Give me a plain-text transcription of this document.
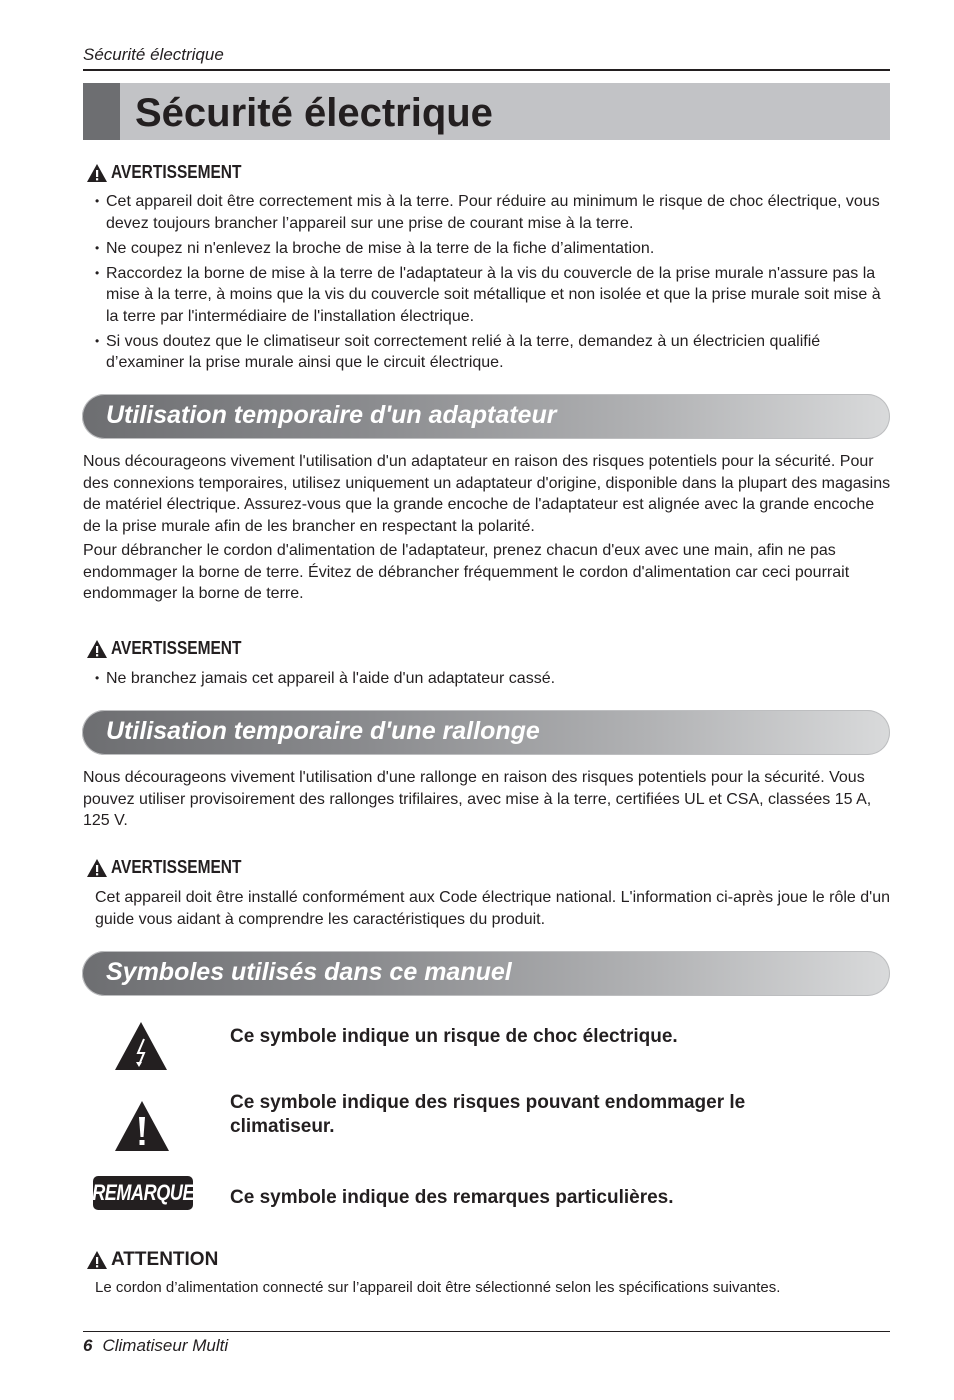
Sécurité électrique
Sécurité électrique
AVERTISSEMENT
• Cet appareil doit être correctement mis à la terre. Pour réduire au minimum le risque de choc électrique, vous devez toujours brancher l’appareil sur une prise de courant mise à la terre.
• Ne coupez ni n'enlevez la broche de mise à la terre de la fiche d’alimentation.
• Raccordez la borne de mise à la terre de l'adaptateur à la vis du couvercle de la prise murale n'assure pas la mise à la terre, à moins que la vis du couvercle soit métallique et non isolée et que la prise murale soit mise à la terre par l'intermédiaire de l'installation électrique.
• Si vous doutez que le climatiseur soit correctement relié à la terre, demandez à un électricien qualifié d’examiner la prise murale ainsi que le circuit électrique.
Utilisation temporaire d'un adaptateur

Nous décourageons vivement l'utilisation d'un adaptateur en raison des risques potentiels pour la sécurité. Pour des connexions temporaires, utilisez uniquement un adaptateur d'origine, disponible dans la plupart des magasins de matériel électrique. Assurez-vous que la grande encoche de l'adaptateur est alignée avec la grande encoche de la prise murale afin de les brancher en respectant la polarité.

Pour débrancher le cordon d'alimentation de l'adaptateur, prenez chacun d'eux avec une main, afin ne pas endommager la borne de terre. Évitez de débrancher fréquemment le cordon d'alimentation car ceci pourrait endommager la borne de terre.

AVERTISSEMENT
• Ne branchez jamais cet appareil à l'aide d'un adaptateur cassé.
Utilisation temporaire d'une rallonge

Nous décourageons vivement l'utilisation d'une rallonge en raison des risques potentiels pour la sécurité. Vous pouvez utiliser provisoirement des rallonges trifilaires, avec mise à la terre, certifiées UL et CSA, classées 15 A, 125 V.

AVERTISSEMENT
Cet appareil doit être installé conformément aux Code électrique national. L'information ci-après joue le rôle d'un guide vous aidant à comprendre les caractéristiques du produit.
Symboles utilisés dans ce manuel
Ce symbole indique un risque de choc électrique.
Ce symbole indique des risques pouvant endommager le climatiseur.
REMARQUE Ce symbole indique des remarques particulières.
ATTENTION
Le cordon d’alimentation connecté sur l’appareil doit être sélectionné selon les spécifications suivantes.
6 Climatiseur Multi
